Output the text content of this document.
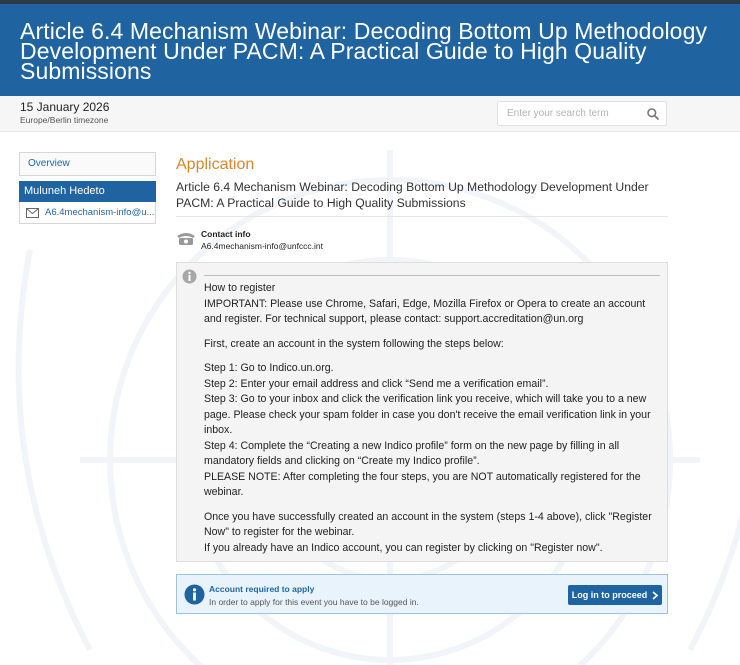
Article 6.4 Mechanism Webinar: Decoding Bottom Up Methodology Development Under PACM: A Practical Guide to High Quality Submissions
15 January 2026
Europe/Berlin timezone
Enter your search term
Overview
Muluneh Hedeto
A6.4mechanism-info@u...
Application
Article 6.4 Mechanism Webinar: Decoding Bottom Up Methodology Development Under PACM: A Practical Guide to High Quality Submissions
Contact info
A6.4mechanism-info@unfccc.int
How to register
IMPORTANT: Please use Chrome, Safari, Edge, Mozilla Firefox or Opera to create an account and register. For technical support, please contact: support.accreditation@un.org
First, create an account in the system following the steps below:
Step 1: Go to Indico.un.org.
Step 2: Enter your email address and click “Send me a verification email”.
Step 3: Go to your inbox and click the verification link you receive, which will take you to a new page. Please check your spam folder in case you don't receive the email verification link in your inbox.
Step 4: Complete the “Creating a new Indico profile” form on the new page by filling in all mandatory fields and clicking on “Create my Indico profile”.
PLEASE NOTE: After completing the four steps, you are NOT automatically registered for the webinar.
Once you have successfully created an account in the system (steps 1-4 above), click "Register Now" to register for the webinar.
If you already have an Indico account, you can register by clicking on "Register now".
Account required to apply
In order to apply for this event you have to be logged in.
Log in to proceed
